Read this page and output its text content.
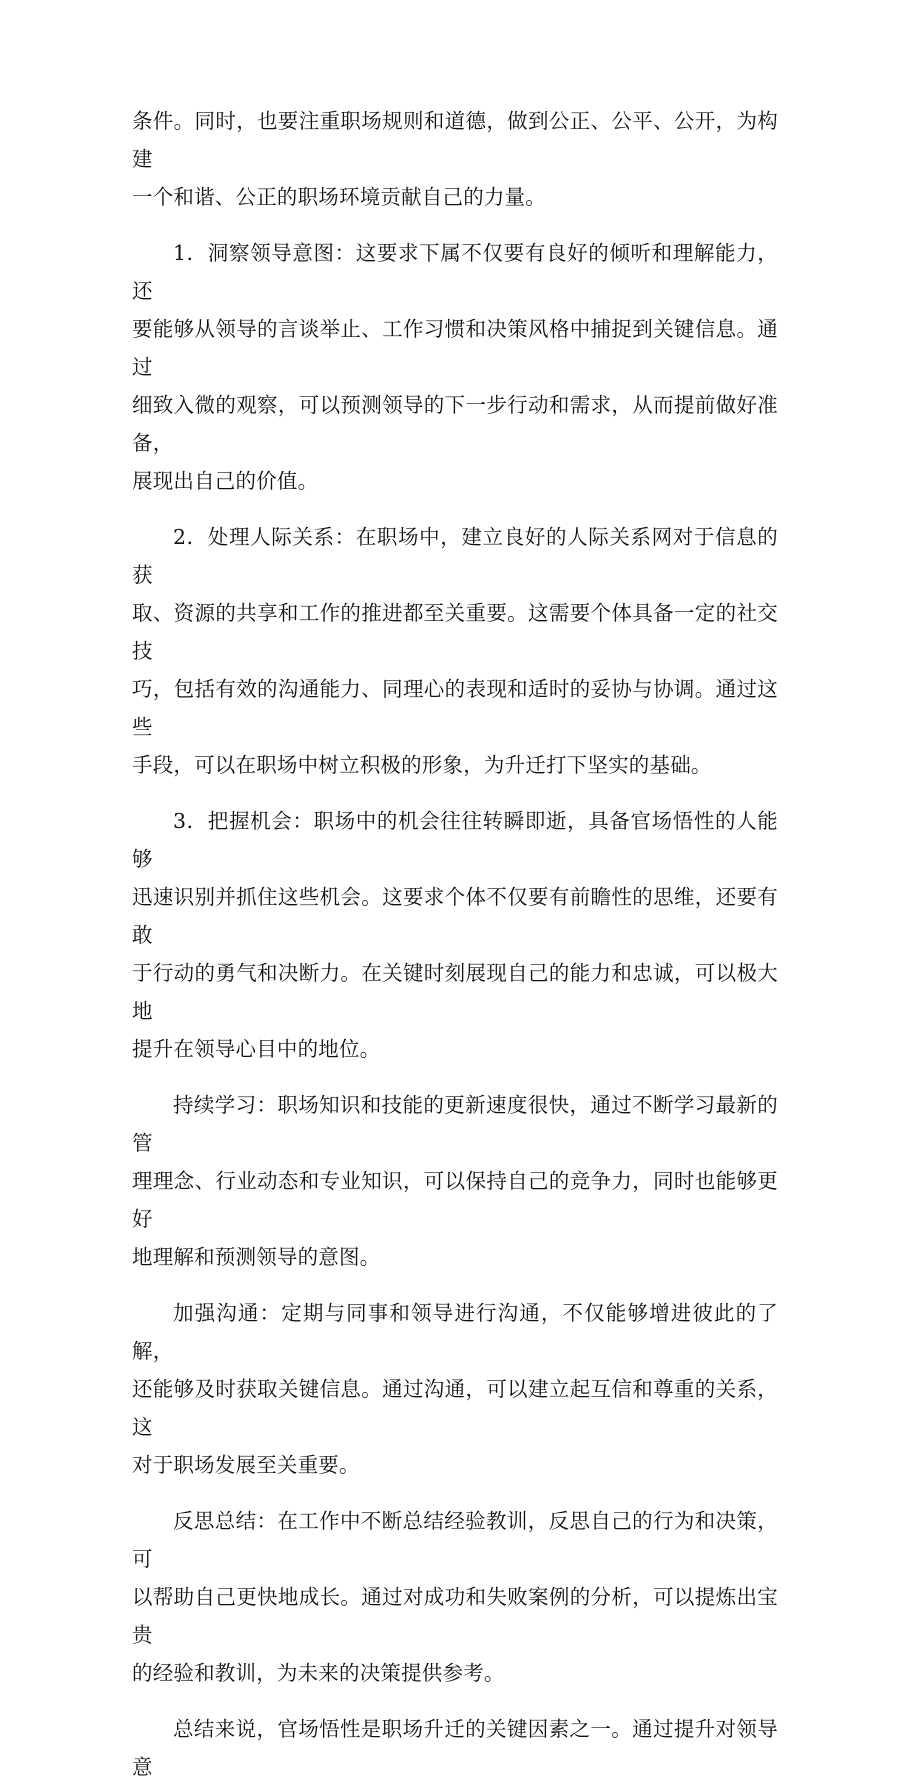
条件。同时，也要注重职场规则和道德，做到公正、公平、公开，为构建
一个和谐、公正的职场环境贡献自己的力量。

1．洞察领导意图：这要求下属不仅要有良好的倾听和理解能力，还
要能够从领导的言谈举止、工作习惯和决策风格中捕捉到关键信息。通过
细致入微的观察，可以预测领导的下一步行动和需求，从而提前做好准备，
展现出自己的价值。

2．处理人际关系：在职场中，建立良好的人际关系网对于信息的获
取、资源的共享和工作的推进都至关重要。这需要个体具备一定的社交技
巧，包括有效的沟通能力、同理心的表现和适时的妥协与协调。通过这些
手段，可以在职场中树立积极的形象，为升迁打下坚实的基础。

3．把握机会：职场中的机会往往转瞬即逝，具备官场悟性的人能够
迅速识别并抓住这些机会。这要求个体不仅要有前瞻性的思维，还要有敢
于行动的勇气和决断力。在关键时刻展现自己的能力和忠诚，可以极大地
提升在领导心目中的地位。

持续学习：职场知识和技能的更新速度很快，通过不断学习最新的管
理理念、行业动态和专业知识，可以保持自己的竞争力，同时也能够更好
地理解和预测领导的意图。

加强沟通：定期与同事和领导进行沟通，不仅能够增进彼此的了解，
还能够及时获取关键信息。通过沟通，可以建立起互信和尊重的关系，这
对于职场发展至关重要。

反思总结：在工作中不断总结经验教训，反思自己的行为和决策，可
以帮助自己更快地成长。通过对成功和失败案例的分析，可以提炼出宝贵
的经验和教训，为未来的决策提供参考。

总结来说，官场悟性是职场升迁的关键因素之一。通过提升对领导意
